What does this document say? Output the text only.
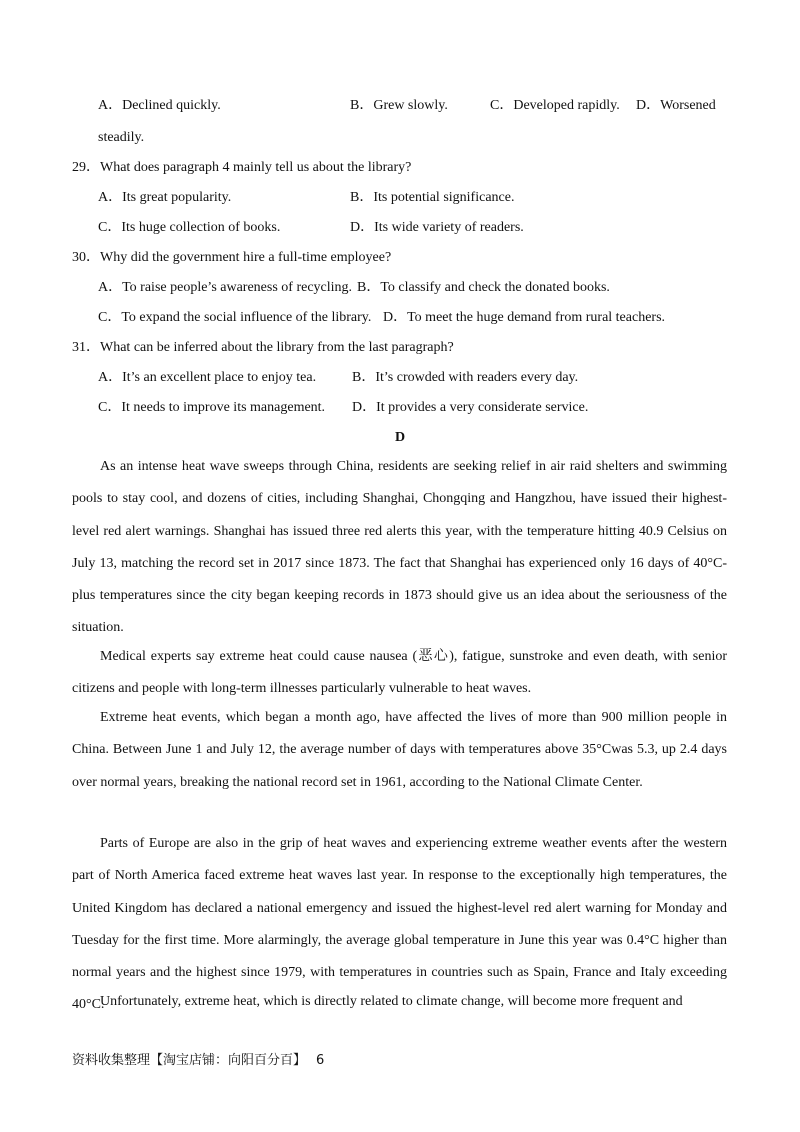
A．Declined quickly.	B．Grew slowly.	C．Developed rapidly. D．Worsened
steadily.
29．What does paragraph 4 mainly tell us about the library?
A．Its great popularity.	B．Its potential significance.
C．Its huge collection of books.	D．Its wide variety of readers.
30．Why did the government hire a full-time employee?
A．To raise people’s awareness of recycling. B．To classify and check the donated books.
C．To expand the social influence of the library. D．To meet the huge demand from rural teachers.
31．What can be inferred about the library from the last paragraph?
A．It’s an excellent place to enjoy tea.	B．It’s crowded with readers every day.
C．It needs to improve its management. D．It provides a very considerate service.
D

As an intense heat wave sweeps through China, residents are seeking relief in air raid shelters and swimming pools to stay cool, and dozens of cities, including Shanghai, Chongqing and Hangzhou, have issued their highest-level red alert warnings. Shanghai has issued three red alerts this year, with the temperature hitting 40.9 Celsius on July 13, matching the record set in 2017 since 1873. The fact that Shanghai has experienced only 16 days of 40°C-plus temperatures since the city began keeping records in 1873 should give us an idea about the seriousness of the situation.

Medical experts say extreme heat could cause nausea (恶心), fatigue, sunstroke and even death, with senior citizens and people with long-term illnesses particularly vulnerable to heat waves.

Extreme heat events, which began a month ago, have affected the lives of more than 900 million people in China. Between June 1 and July 12, the average number of days with temperatures above 35°Cwas 5.3, up 2.4 days over normal years, breaking the national record set in 1961, according to the National Climate Center.

Parts of Europe are also in the grip of heat waves and experiencing extreme weather events after the western part of North America faced extreme heat waves last year. In response to the exceptionally high temperatures, the United Kingdom has declared a national emergency and issued the highest-level red alert warning for Monday and Tuesday for the first time. More alarmingly, the average global temperature in June this year was 0.4°C higher than normal years and the highest since 1979, with temperatures in countries such as Spain, France and Italy exceeding 40°C.

Unfortunately, extreme heat, which is directly related to climate change, will become more frequent and

资料收集整理【淘宝店铺：向阳百分百】 6
